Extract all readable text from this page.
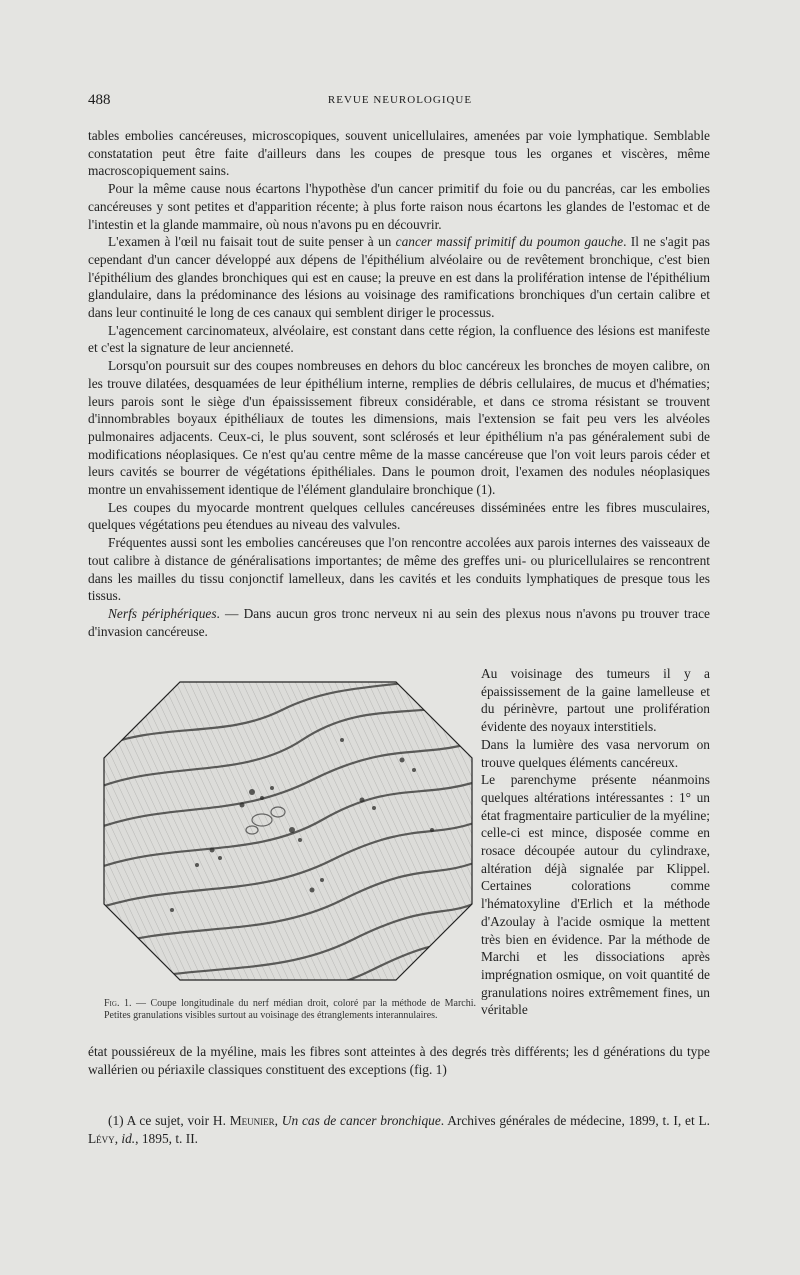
488	REVUE NEUROLOGIQUE

tables embolies cancéreuses, microscopiques, souvent unicellulaires, amenées par voie lymphatique. Semblable constatation peut être faite d'ailleurs dans les coupes de presque tous les organes et viscères, même macroscopiquement sains.

Pour la même cause nous écartons l'hypothèse d'un cancer primitif du foie ou du pancréas, car les embolies cancéreuses y sont petites et d'apparition récente; à plus forte raison nous écartons les glandes de l'estomac et de l'intestin et la glande mammaire, où nous n'avons pu en découvrir.

L'examen à l'œil nu faisait tout de suite penser à un cancer massif primitif du poumon gauche. Il ne s'agit pas cependant d'un cancer développé aux dépens de l'épithélium alvéolaire ou de revêtement bronchique, c'est bien l'épithélium des glandes bronchiques qui est en cause; la preuve en est dans la prolifération intense de l'épithélium glandulaire, dans la prédominance des lésions au voisinage des ramifications bronchiques d'un certain calibre et dans leur continuité le long de ces canaux qui semblent diriger le processus.

L'agencement carcinomateux, alvéolaire, est constant dans cette région, la confluence des lésions est manifeste et c'est la signature de leur ancienneté.

Lorsqu'on poursuit sur des coupes nombreuses en dehors du bloc cancéreux les bronches de moyen calibre, on les trouve dilatées, desquamées de leur épithélium interne, remplies de débris cellulaires, de mucus et d'hématies; leurs parois sont le siège d'un épaississement fibreux considérable, et dans ce stroma résistant se trouvent d'innombrables boyaux épithéliaux de toutes les dimensions, mais l'extension se fait peu vers les alvéoles pulmonaires adjacents. Ceux-ci, le plus souvent, sont sclérosés et leur épithélium n'a pas généralement subi de modifications néoplasiques. Ce n'est qu'au centre même de la masse cancéreuse que l'on voit leurs parois céder et leurs cavités se bourrer de végétations épithéliales. Dans le poumon droit, l'examen des nodules néoplasiques montre un envahissement identique de l'élément glandulaire bronchique (1).

Les coupes du myocarde montrent quelques cellules cancéreuses disséminées entre les fibres musculaires, quelques végétations peu étendues au niveau des valvules.

Fréquentes aussi sont les embolies cancéreuses que l'on rencontre accolées aux parois internes des vaisseaux de tout calibre à distance de généralisations importantes; de même des greffes uni- ou pluricellulaires se rencontrent dans les mailles du tissu conjonctif lamelleux, dans les cavités et les conduits lymphatiques de presque tous les tissus.

Nerfs périphériques. — Dans aucun gros tronc nerveux ni au sein des plexus nous n'avons pu trouver trace d'invasion cancéreuse.

Fig. 1. — Coupe longitudinale du nerf médian droit, coloré par la méthode de Marchi. Petites granulations visibles surtout au voisinage des étranglements interannulaires.

Au voisinage des tumeurs il y a épaississement de la gaine lamelleuse et du périnèvre, partout une prolifération évidente des noyaux interstitiels.

Dans la lumière des vasa nervorum on trouve quelques éléments cancéreux.

Le parenchyme présente néanmoins quelques altérations intéressantes : 1° un état fragmentaire particulier de la myéline; celle-ci est mince, disposée comme en rosace découpée autour du cylindraxe, altération déjà signalée par Klippel. Certaines colorations comme l'hématoxyline d'Erlich et la méthode d'Azoulay à l'acide osmique la mettent très bien en évidence. Par la méthode de Marchi et les dissociations après imprégnation osmique, on voit quantité de granulations noires extrêmement fines, un véritable

état poussiéreux de la myéline, mais les fibres sont atteintes à des degrés très différents; les d générations du type wallérien ou périaxile classiques constituent des exceptions (fig. 1)

(1) A ce sujet, voir H. Meunier, Un cas de cancer bronchique. Archives générales de médecine, 1899, t. I, et L. Lévy, id., 1895, t. II.
